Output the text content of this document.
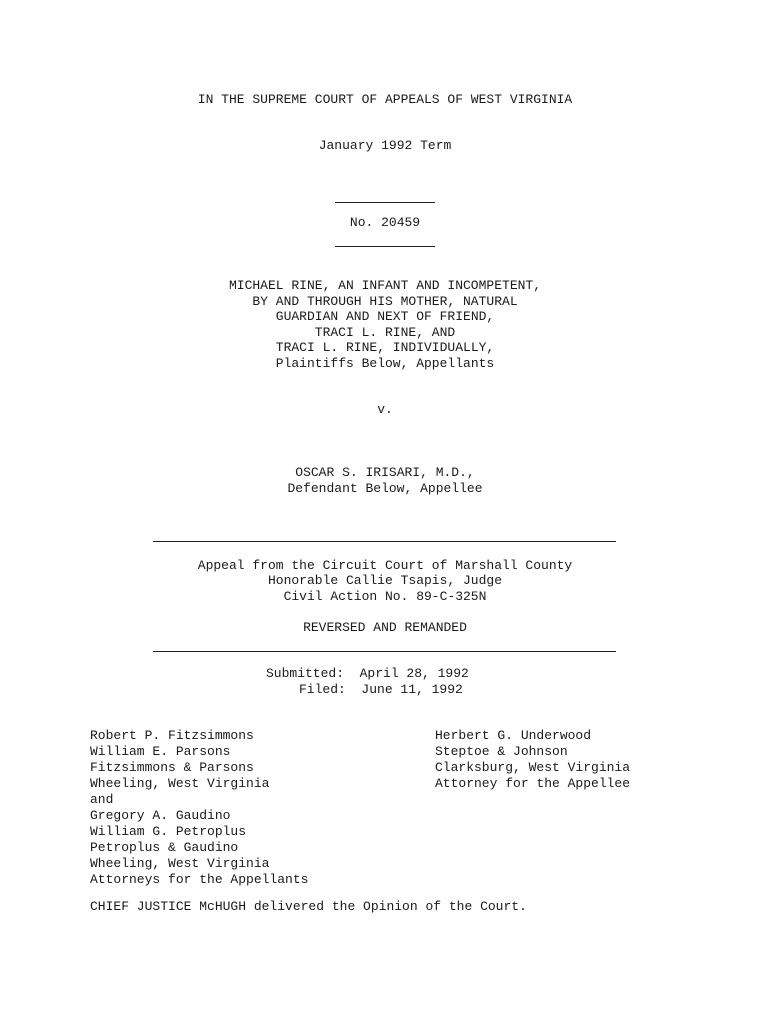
IN THE SUPREME COURT OF APPEALS OF WEST VIRGINIA
January 1992 Term
No. 20459
MICHAEL RINE, AN INFANT AND INCOMPETENT,
BY AND THROUGH HIS MOTHER, NATURAL
GUARDIAN AND NEXT OF FRIEND,
TRACI L. RINE, AND
TRACI L. RINE, INDIVIDUALLY,
Plaintiffs Below, Appellants
v.
OSCAR S. IRISARI, M.D.,
Defendant Below, Appellee
Appeal from the Circuit Court of Marshall County
Honorable Callie Tsapis, Judge
Civil Action No. 89-C-325N
REVERSED AND REMANDED
Submitted:  April 28, 1992
Filed:  June 11, 1992
Robert P. Fitzsimmons
William E. Parsons
Fitzsimmons & Parsons
Wheeling, West Virginia
and
Gregory A. Gaudino
William G. Petroplus
Petroplus & Gaudino
Wheeling, West Virginia
Attorneys for the Appellants
Herbert G. Underwood
Steptoe & Johnson
Clarksburg, West Virginia
Attorney for the Appellee
CHIEF JUSTICE McHUGH delivered the Opinion of the Court.
